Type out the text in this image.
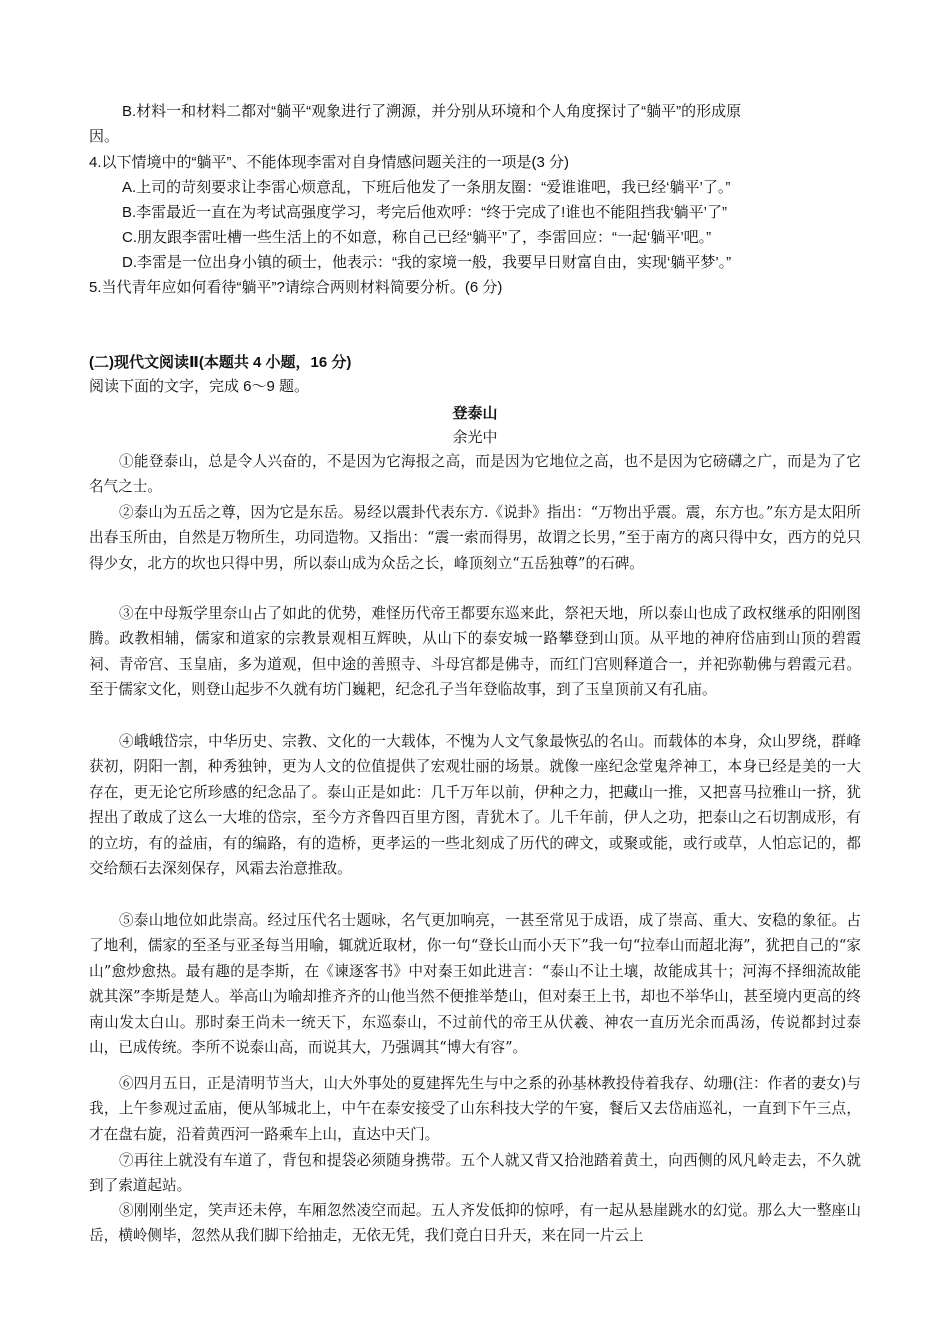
B.材料一和材料二都对“躺平“观象进行了溯源，并分别从环境和个人角度探讨了“躺平”的形成原
因。
4.以下情境中的“躺平”、不能体现李雷对自身情感问题关注的一项是(3 分)
A.上司的苛刻要求让李雷心烦意乱，下班后他发了一条朋友圈：“爱谁谁吧，我已经‘躺平’了。”
B.李雷最近一直在为考试高强度学习，考完后他欢呼：“终于完成了!谁也不能阻挡我‘躺平’了”
C.朋友跟李雷吐槽一些生活上的不如意，称自己已经“躺平”了，李雷回应：“一起‘躺平’吧。”
D.李雷是一位出身小镇的硕士，他表示：“我的家境一般，我要早日财富自由，实现‘躺平梦’。”
5.当代青年应如何看待“躺平”?请综合两则材料简要分析。(6 分)
(二)现代文阅读Ⅱ(本题共 4 小题，16 分)
阅读下面的文字，完成 6～9 题。
登泰山
余光中
①能登泰山，总是令人兴奋的，不是因为它海报之高，而是因为它地位之高，也不是因为它磅礴之广，而是为了它名气之士。
②泰山为五岳之尊，因为它是东岳。易经以震卦代表东方.《说卦》指出：“万物出乎震。震，东方也。”东方是太阳所出春玉所由，自然是万物所生，功同造物。又指出：“震一索而得男，故谓之长男，”至于南方的离只得中女，西方的兑只得少女，北方的坎也只得中男，所以泰山成为众岳之长，峰顶刻立“五岳独尊”的石碑。
③在中母叛学里奈山占了如此的优势，难怪历代帝王都要东巡来此，祭祀天地，所以泰山也成了政权继承的阳刚图腾。政教相辅，儒家和道家的宗教景观相互辉映，从山下的泰安城一路攀登到山顶。从平地的神府岱庙到山顶的碧霞祠、青帝宫、玉皇庙，多为道观，但中途的善照寺、斗母宫都是佛寺，而红门宫则释道合一，并祀弥勒佛与碧霞元君。至于儒家文化，则登山起步不久就有坊门巍耙，纪念孔子当年登临故事，到了玉皇顶前又有孔庙。
④峨峨岱宗，中华历史、宗教、文化的一大载体，不愧为人文气象最恢弘的名山。而载体的本身，众山罗绕，群峰获初，阴阳一割，种秀独钟，更为人文的位值提供了宏观壮丽的场景。就像一座纪念堂鬼斧神工，本身已经是美的一大存在，更无论它所珍感的纪念品了。泰山正是如此：几千万年以前，伊种之力，把藏山一推，又把喜马拉雅山一挤，犹捏出了敢成了这么一大堆的岱宗，至今方齐鲁四百里方图，青犹木了。儿千年前，伊人之功，把泰山之石切割成形，有的立坊，有的益庙，有的编路，有的造桥，更孝运的一些北刻成了历代的碑文，或聚或能，或行或草，人怕忘记的，都交给颓石去深刻保存，风霜去治意推敌。
⑤泰山地位如此崇高。经过压代名士题咏，名气更加响亮，一甚至常见于成语，成了崇高、重大、安稳的象征。占了地利，儒家的至圣与亚圣每当用喻，辄就近取材，你一句“登长山而小天下”我一句“拉奉山而超北海”，犹把自己的“家山”愈炒愈热。最有趣的是李斯，在《谏逐客书》中对秦王如此进言：“泰山不让土壤，故能成其十；河海不择细流故能就其深”李斯是楚人。举高山为喻却推齐齐的山他当然不便推举楚山，但对秦王上书，却也不举华山，甚至境内更高的终南山发太白山。那时秦王尚未一统天下，东巡泰山，不过前代的帝王从伏羲、神农一直历光余而禹汤，传说都封过泰山，已成传统。李所不说泰山高，而说其大，乃强调其“博大有容”。
⑥四月五日，正是清明节当大，山大外事处的夏建挥先生与中之系的孙基林教投侍着我存、幼珊(注：作者的妻女)与我，上午参观过孟庙，便从邹城北上，中午在泰安接受了山东科技大学的午宴，餐后又去岱庙巡礼，一直到下午三点，才在盘右旋，沿着黄西河一路乘车上山，直达中天门。
⑦再往上就没有车道了，背包和提袋必须随身携带。五个人就又背又拾池踏着黄土，向西侧的风凡岭走去，不久就到了索道起站。
⑧刚刚坐定，笑声还未停，车厢忽然凌空而起。五人齐发低抑的惊呼，有一起从悬崖跳水的幻觉。那么大一整座山岳，横岭侧毕，忽然从我们脚下给抽走，无依无凭，我们竟白日升天，来在同一片云上
